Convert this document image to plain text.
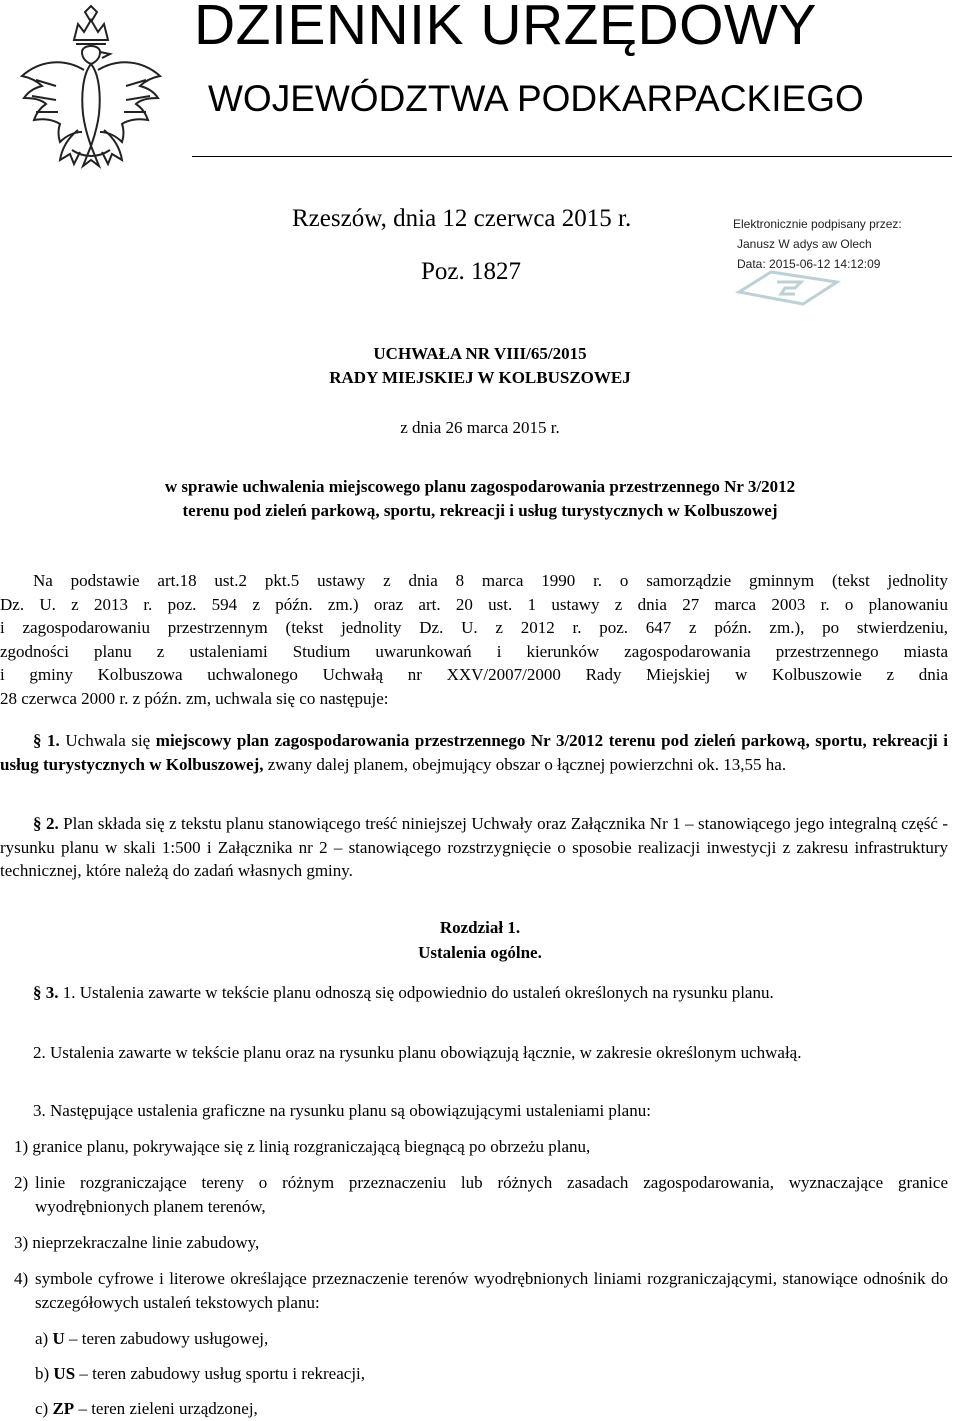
DZIENNIK URZĘDOWY
WOJEWÓDZTWA PODKARPACKIEGO
Rzeszów, dnia 12 czerwca 2015 r.
Poz. 1827
Elektronicznie podpisany przez:
Janusz W adys aw Olech
Data: 2015-06-12 14:12:09
UCHWAŁA NR VIII/65/2015
RADY MIEJSKIEJ W KOLBUSZOWEJ
z dnia 26 marca 2015 r.
w sprawie uchwalenia miejscowego planu zagospodarowania przestrzennego Nr 3/2012
terenu pod zieleń parkową, sportu, rekreacji i usług turystycznych w Kolbuszowej

Na podstawie art.18 ust.2 pkt.5 ustawy z dnia 8 marca 1990 r. o samorządzie gminnym (tekst jednolity

Dz. U. z 2013 r. poz. 594 z późn. zm.) oraz art. 20 ust. 1 ustawy z dnia 27 marca 2003 r. o planowaniu

i zagospodarowaniu przestrzennym (tekst jednolity Dz. U. z 2012 r. poz. 647 z późn. zm.), po stwierdzeniu,

zgodności planu z ustaleniami Studium uwarunkowań i kierunków zagospodarowania przestrzennego miasta

i gminy Kolbuszowa uchwalonego Uchwałą nr XXV/2007/2000 Rady Miejskiej w Kolbuszowie z dnia

28 czerwca 2000 r. z późn. zm, uchwala się co następuje:

§ 1. Uchwala się miejscowy plan zagospodarowania przestrzennego Nr 3/2012 terenu pod zieleń parkową, sportu, rekreacji i usług turystycznych w Kolbuszowej, zwany dalej planem, obejmujący obszar o łącznej powierzchni ok. 13,55 ha.

§ 2. Plan składa się z tekstu planu stanowiącego treść niniejszej Uchwały oraz Załącznika Nr 1 – stanowiącego jego integralną część - rysunku planu w skali 1:500 i Załącznika nr 2 – stanowiącego rozstrzygnięcie o sposobie realizacji inwestycji z zakresu infrastruktury technicznej, które należą do zadań własnych gminy.

Rozdział 1.
Ustalenia ogólne.

§ 3. 1. Ustalenia zawarte w tekście planu odnoszą się odpowiednio do ustaleń określonych na rysunku planu.

2. Ustalenia zawarte w tekście planu oraz na rysunku planu obowiązują łącznie, w zakresie określonym uchwałą.

3. Następujące ustalenia graficzne na rysunku planu są obowiązującymi ustaleniami planu:

1) granice planu, pokrywające się z linią rozgraniczającą biegnącą po obrzeżu planu,
2) linie rozgraniczające tereny o różnym przeznaczeniu lub różnych zasadach zagospodarowania, wyznaczające granice wyodrębnionych planem terenów,
3) nieprzekraczalne linie zabudowy,
4) symbole cyfrowe i literowe określające przeznaczenie terenów wyodrębnionych liniami rozgraniczającymi, stanowiące odnośnik do szczegółowych ustaleń tekstowych planu:
a) U – teren zabudowy usługowej,
b) US – teren zabudowy usług sportu i rekreacji,
c) ZP – teren zieleni urządzonej,
